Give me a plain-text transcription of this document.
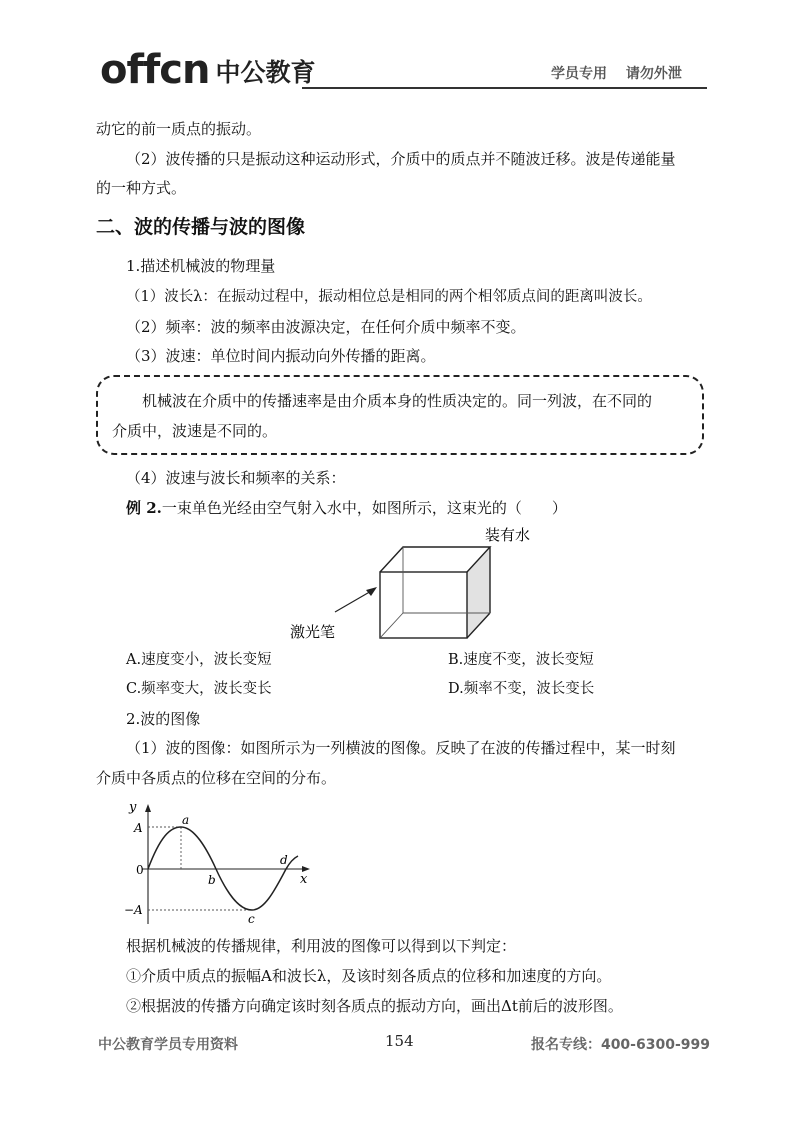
offcn 中公教育	学员专用 请勿外泄
动它的前一质点的振动。
（2）波传播的只是振动这种运动形式，介质中的质点并不随波迁移。波是传递能量
的一种方式。
二、波的传播与波的图像
1.描述机械波的物理量
（1）波长λ：在振动过程中，振动相位总是相同的两个相邻质点间的距离叫波长。
（2）频率：波的频率由波源决定，在任何介质中频率不变。
（3）波速：单位时间内振动向外传播的距离。
机械波在介质中的传播速率是由介质本身的性质决定的。同一列波，在不同的
介质中，波速是不同的。
（4）波速与波长和频率的关系：
例 2.一束单色光经由空气射入水中，如图所示，这束光的（　　）
装有水
激光笔
A.速度变小，波长变短	B.速度不变，波长变短
C.频率变大，波长变长	D.频率不变，波长变长
2.波的图像
（1）波的图像：如图所示为一列横波的图像。反映了在波的传播过程中，某一时刻
介质中各质点的位移在空间的分布。
y
x
A
−A
0
a
b
c
d
根据机械波的传播规律，利用波的图像可以得到以下判定：
①介质中质点的振幅A和波长λ，及该时刻各质点的位移和加速度的方向。
②根据波的传播方向确定该时刻各质点的振动方向，画出Δt前后的波形图。
中公教育学员专用资料	154	报名专线：400-6300-999
